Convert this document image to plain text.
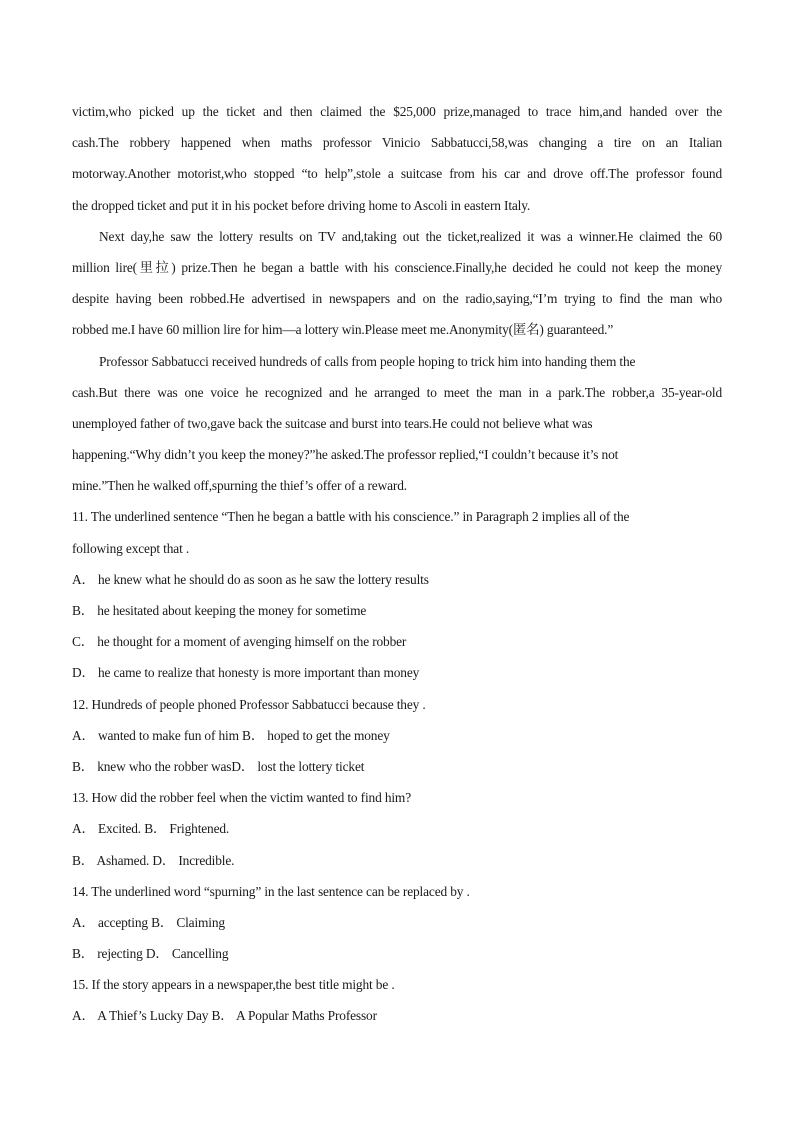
victim,who picked up the ticket and then claimed the $25,000 prize,managed to trace him,and handed over the
cash.The robbery happened when maths professor Vinicio Sabbatucci,58,was changing a tire on an Italian
motorway.Another motorist,who stopped “to help”,stole a suitcase from his car and drove off.The professor found
the dropped ticket and put it in his pocket before driving home to Ascoli in eastern Italy.
Next day,he saw the lottery results on TV and,taking out the ticket,realized it was a winner.He claimed the 60
million lire(里拉) prize.Then he began a battle with his conscience.Finally,he decided he could not keep the money
despite having been robbed.He advertised in newspapers and on the radio,saying,“I’m trying to find the man who
robbed me.I have 60 million lire for him—a lottery win.Please meet me.Anonymity(匿名) guaranteed.”
Professor Sabbatucci received hundreds of calls from people hoping to trick him into handing them the
cash.But there was one voice he recognized and he arranged to meet the man in a park.The robber,a 35-year-old
unemployed father of two,gave back the suitcase and burst into tears.He could not believe what was
happening.“Why didn’t you keep the money?”he asked.The professor replied,“I couldn’t because it’s not
mine.”Then he walked off,spurning the thief’s offer of a reward.
11. The underlined sentence “Then he began a battle with his conscience.” in Paragraph 2 implies all of the
following except that .
A． he knew what he should do as soon as he saw the lottery results
B． he hesitated about keeping the money for sometime
C． he thought for a moment of avenging himself on the robber
D． he came to realize that honesty is more important than money
12. Hundreds of people phoned Professor Sabbatucci because they .
A． wanted to make fun of him B． hoped to get the money
B． knew who the robber wasD． lost the lottery ticket
13. How did the robber feel when the victim wanted to find him?
A． Excited. B． Frightened.
B． Ashamed. D． Incredible.
14. The underlined word “spurning” in the last sentence can be replaced by .
A． accepting B． Claiming
B． rejecting D． Cancelling
15. If the story appears in a newspaper,the best title might be .
A． A Thief’s Lucky Day B． A Popular Maths Professor
